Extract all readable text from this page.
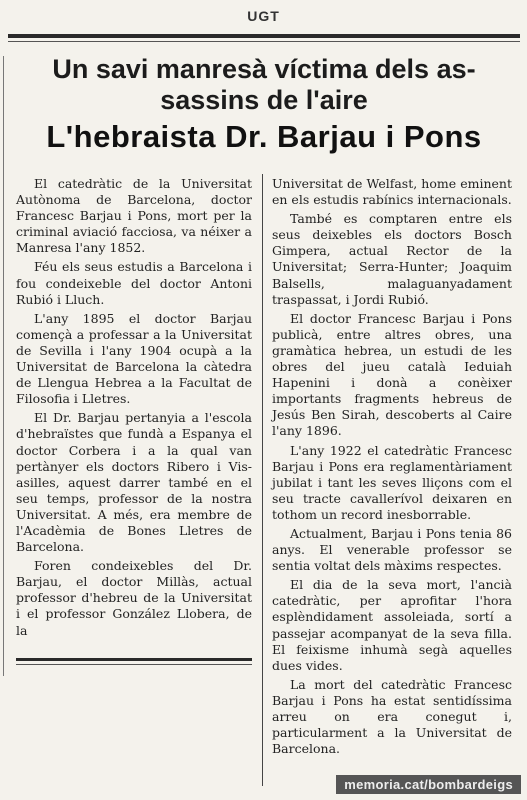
UGT
Un savi manresà víctima dels as-
sassins de l'aire
L'hebraista Dr. Barjau i Pons

El catedràtic de la Universitat Autònoma de Barcelona, doctor Francesc Barjau i Pons, mort per la criminal aviació facciosa, va néixer a Manresa l'any 1852.

Féu els seus estudis a Barcelona i fou condeixeble del doctor Antoni Rubió i Lluch.

L'any 1895 el doctor Barjau començà a professar a la Universitat de Sevilla i l'any 1904 ocupà a la Universitat de Barcelona la càtedra de Llengua Hebrea a la Facultat de Filosofia i Lletres.

El Dr. Barjau pertanyia a l'escola d'hebraïstes que fundà a Espanya el doctor Corbera i a la qual van pertànyer els doctors Ribero i Vis-asilles, aquest darrer també en el seu temps, professor de la nostra Universitat. A més, era membre de l'Acadèmia de Bones Lletres de Barcelona.

Foren condeixebles del Dr. Barjau, el doctor Millàs, actual professor d'hebreu de la Universitat i el professor González Llobera, de la

Universitat de Welfast, home eminent en els estudis rabínics internacionals.

També es comptaren entre els seus deixebles els doctors Bosch Gimpera, actual Rector de la Universitat; Serra-Hunter; Joaquim Balsells, malaguanyadament traspassat, i Jordi Rubió.

El doctor Francesc Barjau i Pons publicà, entre altres obres, una gramàtica hebrea, un estudi de les obres del jueu català Ieduiah Hapenini i donà a conèixer importants fragments hebreus de Jesús Ben Sirah, descoberts al Caire l'any 1896.

L'any 1922 el catedràtic Francesc Barjau i Pons era reglamentàriament jubilat i tant les seves lliçons com el seu tracte cavallerívol deixaren en tothom un record inesborrable.

Actualment, Barjau i Pons tenia 86 anys. El venerable professor se sentia voltat dels màxims respectes.

El dia de la seva mort, l'ancià catedràtic, per aprofitar l'hora esplèndidament assoleiada, sortí a passejar acompanyat de la seva filla. El feixisme inhumà segà aquelles dues vides.

La mort del catedràtic Francesc Barjau i Pons ha estat sentidíssima arreu on era conegut i, particularment a la Universitat de Barcelona.

memoria.cat/bombardeigs
